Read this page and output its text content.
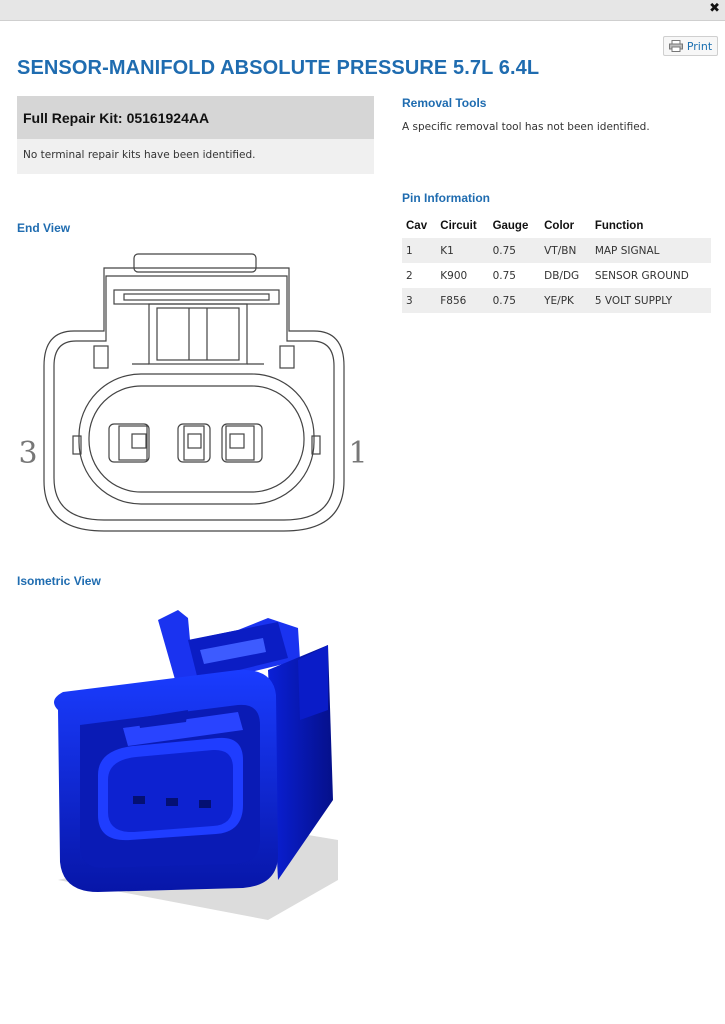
✖
Print
SENSOR-MANIFOLD ABSOLUTE PRESSURE 5.7L 6.4L
Full Repair Kit: 05161924AA
No terminal repair kits have been identified.
Removal Tools
A specific removal tool has not been identified.
Pin Information
Cav	Circuit	Gauge	Color	Function
1	K1	0.75	VT/BN	MAP SIGNAL
2	K900	0.75	DB/DG	SENSOR GROUND
3	F856	0.75	YE/PK	5 VOLT SUPPLY
End View
3	1
Isometric View
